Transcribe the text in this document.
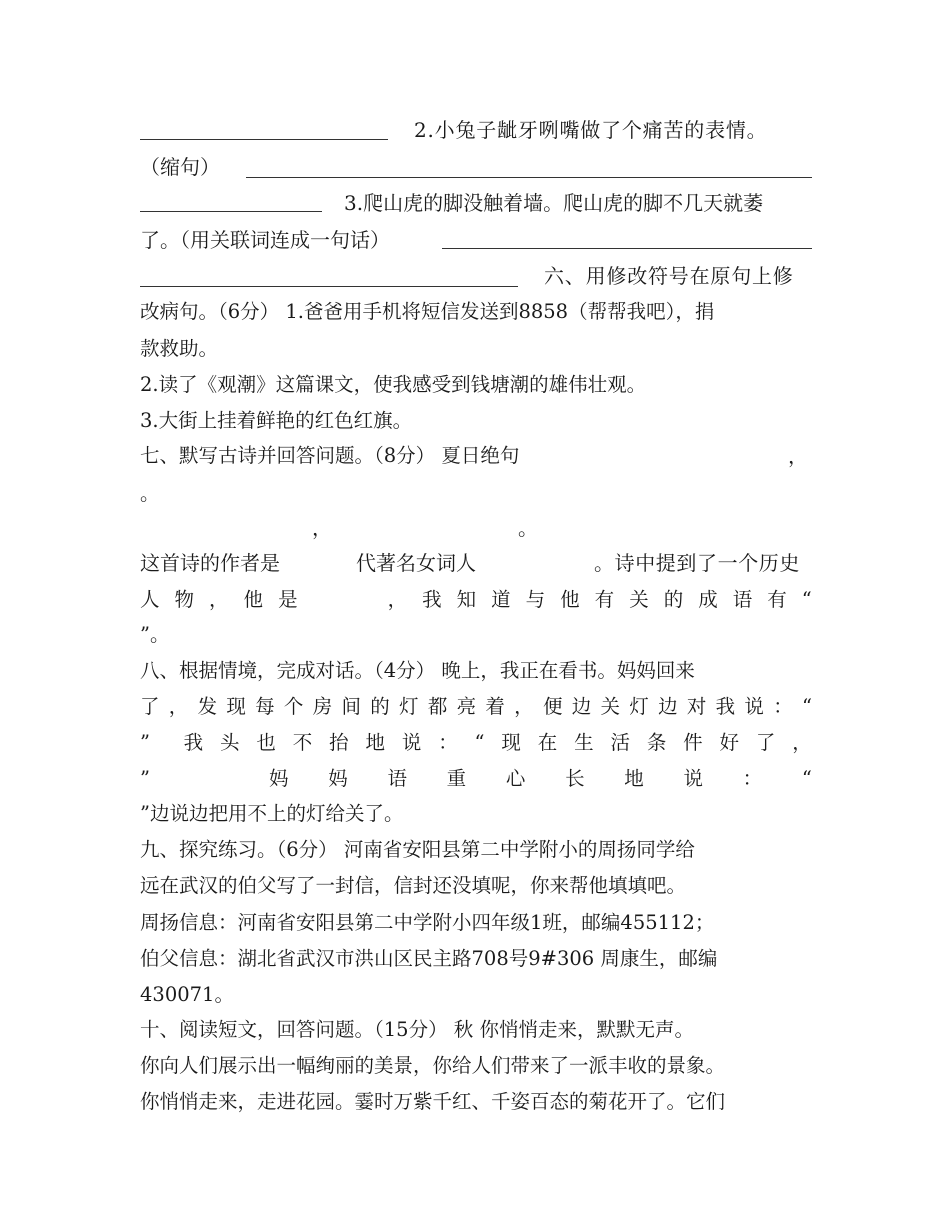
2.小兔子龇牙咧嘴做了个痛苦的表情。
（缩句）
3.爬山虎的脚没触着墙。爬山虎的脚不几天就萎
了。（用关联词连成一句话）
六、用修改符号在原句上修
改病句。（6分） 1.爸爸用手机将短信发送到8858（帮帮我吧），捐
款救助。
2.读了《观潮》这篇课文，使我感受到钱塘潮的雄伟壮观。
3.大街上挂着鲜艳的红色红旗。
七、默写古诗并回答问题。（8分） 夏日绝句	，
。
，	。
这首诗的作者是	代著名女词人	。诗中提到了一个历史
人 物 ， 他 是	， 我 知 道 与 他 有 关 的 成 语 有 “
”。
八、根据情境，完成对话。（4分） 晚上，我正在看书。妈妈回来
了 ， 发 现 每 个 房 间 的 灯 都 亮 着 ， 便 边 关 灯 边 对 我 说 ： “
” 我 头 也 不 抬 地 说 ： “ 现 在 生 活 条 件 好 了 ，
”	妈 妈 语 重 心 长 地 说 ： “
”边说边把用不上的灯给关了。
九、探究练习。（6分） 河南省安阳县第二中学附小的周扬同学给
远在武汉的伯父写了一封信，信封还没填呢，你来帮他填填吧。
周扬信息：河南省安阳县第二中学附小四年级1班，邮编455112；
伯父信息：湖北省武汉市洪山区民主路708号9#306 周康生，邮编
430071。
十、阅读短文，回答问题。（15分） 秋 你悄悄走来，默默无声。
你向人们展示出一幅绚丽的美景，你给人们带来了一派丰收的景象。
你悄悄走来，走进花园。霎时万紫千红、千姿百态的菊花开了。它们
